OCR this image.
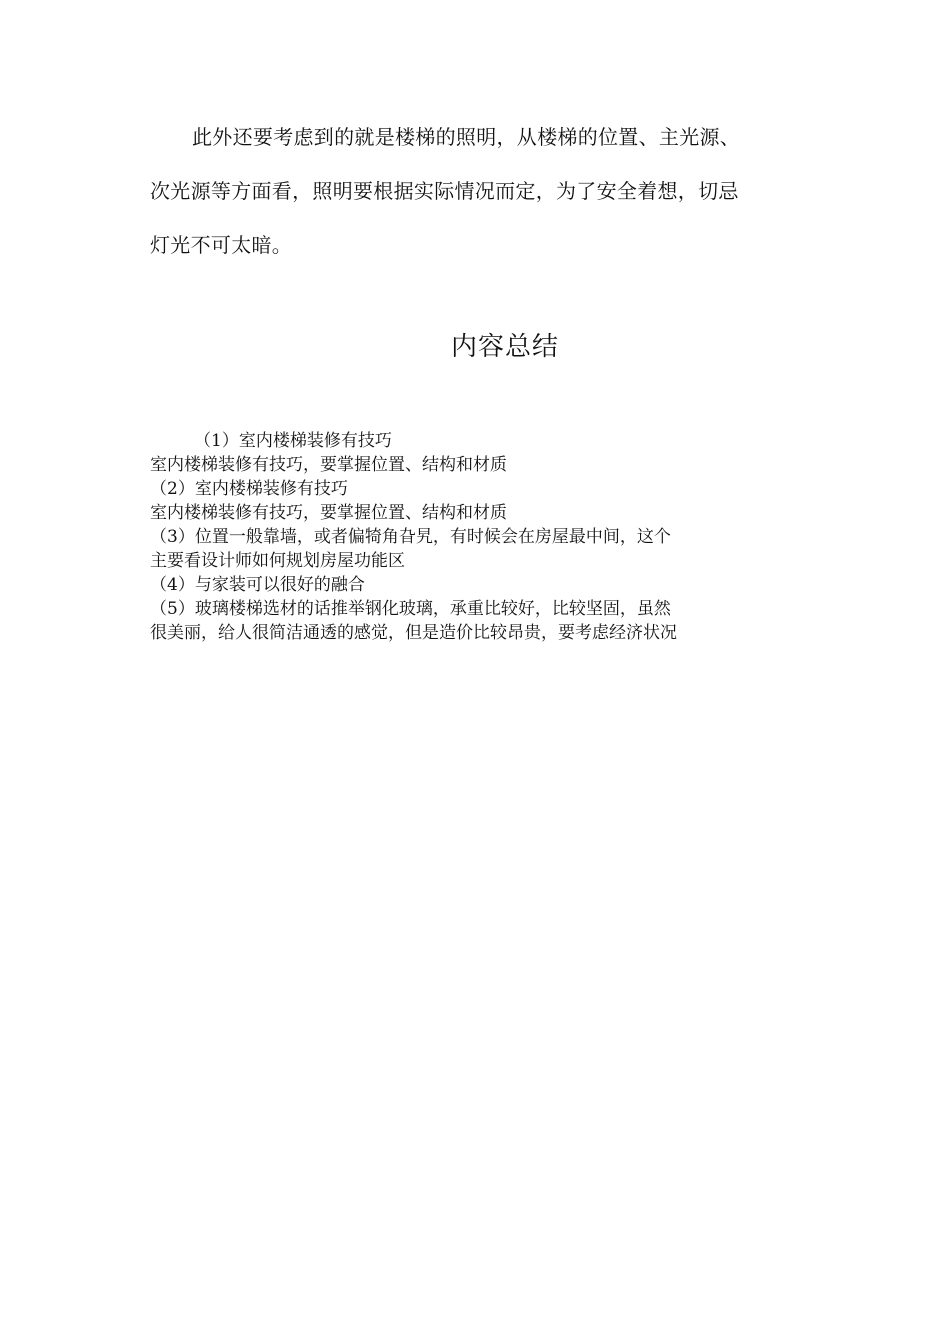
此外还要考虑到的就是楼梯的照明，从楼梯的位置、主光源、
次光源等方面看，照明要根据实际情况而定，为了安全着想，切忌
灯光不可太暗。
内容总结
（1）室内楼梯装修有技巧
室内楼梯装修有技巧，要掌握位置、结构和材质
（2）室内楼梯装修有技巧
室内楼梯装修有技巧，要掌握位置、结构和材质
（3）位置一般靠墙，或者偏犄角旮旯，有时候会在房屋最中间，这个
主要看设计师如何规划房屋功能区
（4）与家装可以很好的融合
（5）玻璃楼梯选材的话推举钢化玻璃，承重比较好，比较坚固，虽然
很美丽，给人很简洁通透的感觉，但是造价比较昂贵，要考虑经济状况
